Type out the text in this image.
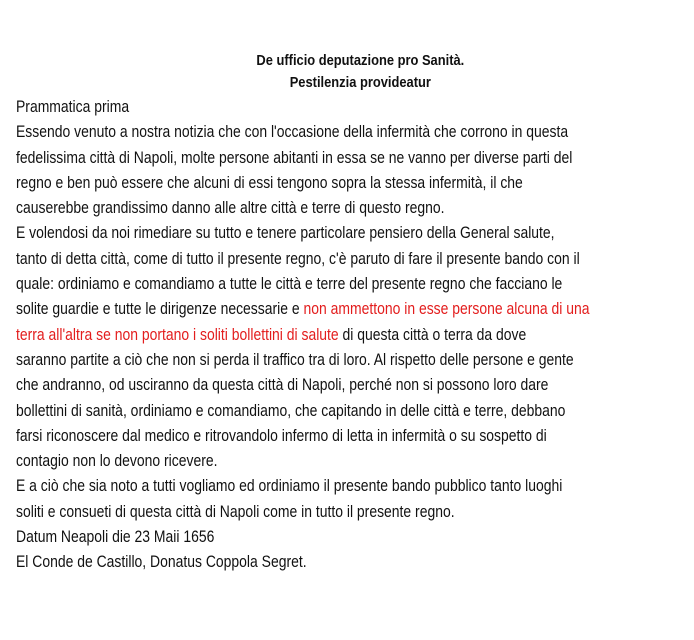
De ufficio deputazione pro Sanità.
Pestilenzia provideatur
Prammatica prima
Essendo venuto a nostra notizia che con l'occasione della infermità che corrono in questa
fedelissima città di Napoli, molte persone abitanti in essa se ne vanno per diverse parti del
regno e ben può essere che alcuni di essi tengono sopra la stessa infermità, il che
causerebbe grandissimo danno alle altre città e terre di questo regno.
E volendosi da noi rimediare su tutto e tenere particolare pensiero della General salute,
tanto di detta città, come di tutto il presente regno, c'è paruto di fare il presente bando con il
quale: ordiniamo e comandiamo a tutte le città e terre del presente regno che facciano le
solite guardie e tutte le dirigenze necessarie e non ammettono in esse persone alcuna di una
terra all'altra se non portano i soliti bollettini di salute di questa città o terra da dove
saranno partite a ciò che non si perda il traffico tra di loro. Al rispetto delle persone e gente
che andranno, od usciranno da questa città di Napoli, perché non si possono loro dare
bollettini di sanità, ordiniamo e comandiamo, che capitando in delle città e terre, debbano
farsi riconoscere dal medico e ritrovandolo infermo di letta in infermità o su sospetto di
contagio non lo devono ricevere.
E a ciò che sia noto a tutti vogliamo ed ordiniamo il presente bando pubblico tanto luoghi
soliti e consueti di questa città di Napoli come in tutto il presente regno.
Datum Neapoli die 23 Maii 1656
El Conde de Castillo, Donatus Coppola Segret.
